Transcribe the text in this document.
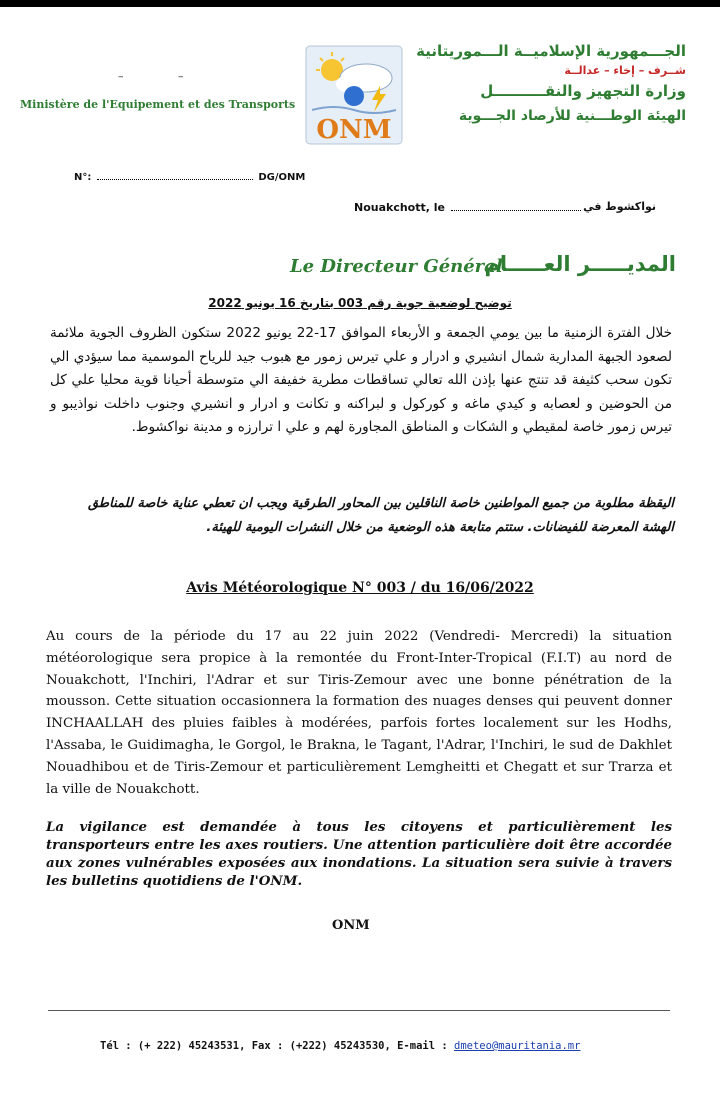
–	–
Ministère de l'Equipement et des Transports
ONM
الجـــمهورية الإسلاميــة الـــموريتانية
شــرف – إخاء – عدالــة
وزارة التجهيز والنقــــــــــل
الهيئة الوطـــنية للأرصاد الجـــوية
N°:	DG/ONM
Nouakchott, le	نواكشوط في
المديـــــر العـــــام
Le Directeur Général
توضيح لوضعية جوية رقم 003 بتاريخ 16 يونيو 2022
خلال الفترة الزمنية ما بين يومي الجمعة و الأربعاء الموافق 17-22 يونيو 2022 ستكون الظروف الجوية ملائمة لصعود الجبهة المدارية شمال انشيري و ادرار و علي تيرس زمور مع هبوب جيد للرياح الموسمية مما سيؤدي الي تكون سحب كثيفة قد تنتج عنها بإذن الله تعالي تساقطات مطرية خفيفة الي متوسطة أحيانا قوية محليا علي كل من الحوضين و لعصابه و كيدي ماغه و كوركول و لبراكنه و تكانت و ادرار و انشيري وجنوب داخلت نواذيبو و تيرس زمور خاصة لمقيطي و الشكات و المناطق المجاورة لهم و علي ا ترارزه و مدينة نواكشوط.
اليقظة مطلوبة من جميع المواطنين خاصة الناقلين بين المحاور الطرقية ويجب ان تعطي عناية خاصة للمناطق الهشة المعرضة للفيضانات. ستتم متابعة هذه الوضعية من خلال النشرات اليومية للهيئة.
Avis Météorologique N° 003 / du 16/06/2022
Au cours de la période du 17 au 22 juin 2022 (Vendredi- Mercredi) la situation météorologique sera propice à la remontée du Front-Inter-Tropical (F.I.T) au nord de Nouakchott, l'Inchiri, l'Adrar et sur Tiris-Zemour avec une bonne pénétration de la mousson. Cette situation occasionnera la formation des nuages denses qui peuvent donner INCHAALLAH des pluies faibles à modérées, parfois fortes localement sur les Hodhs, l'Assaba, le Guidimagha, le Gorgol, le Brakna, le Tagant, l'Adrar, l'Inchiri, le sud de Dakhlet Nouadhibou et de Tiris-Zemour et particulièrement Lemgheitti et Chegatt et sur Trarza et la ville de Nouakchott.
La vigilance est demandée à tous les citoyens et particulièrement les transporteurs entre les axes routiers. Une attention particulière doit être accordée aux zones vulnérables exposées aux inondations. La situation sera suivie à travers les bulletins quotidiens de l'ONM.
ONM
Tél : (+ 222) 45243531, Fax : (+222) 45243530, E-mail : dmeteo@mauritania.mr
